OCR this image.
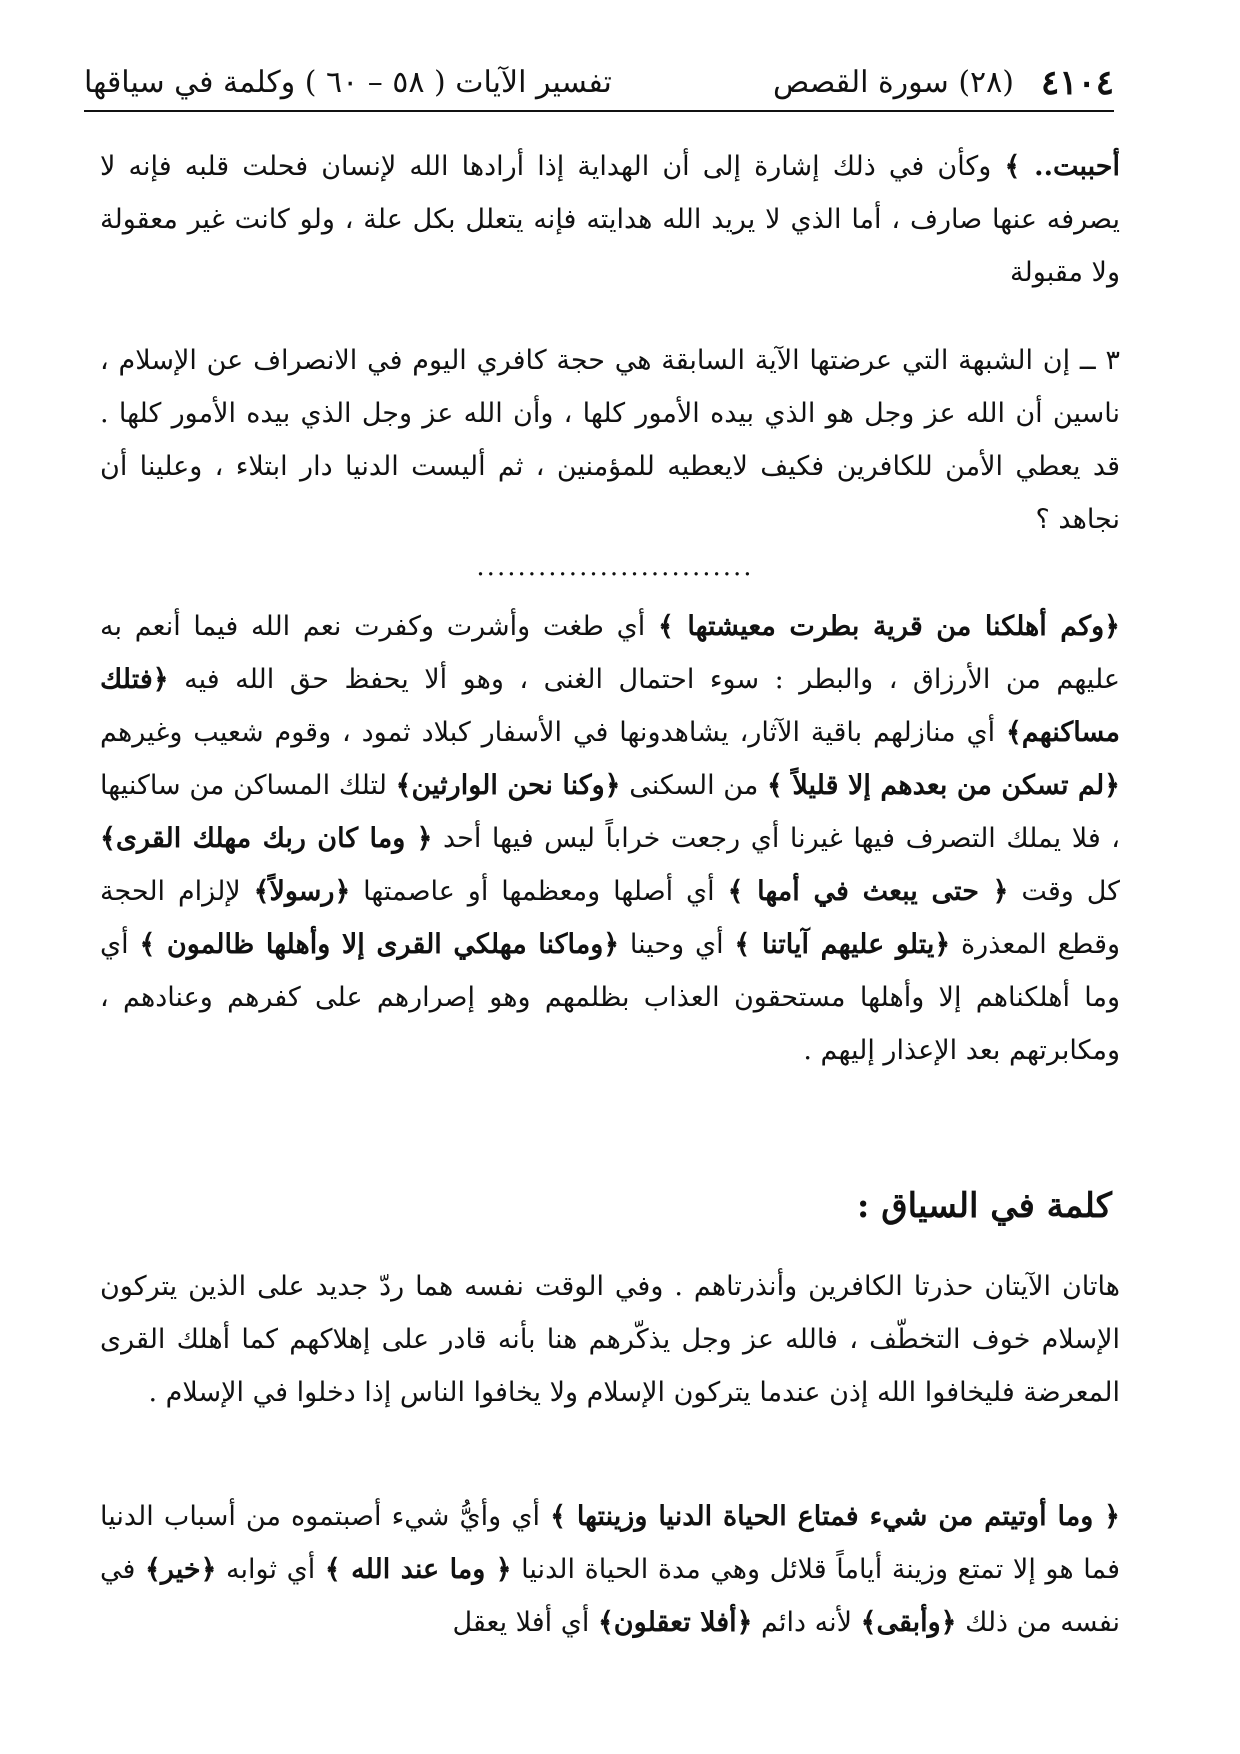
٤١٠٤
(٢٨) سورة القصص
تفسير الآيات ( ٥٨ – ٦٠ ) وكلمة في سياقها
أحببت.. ﴾ وكأن في ذلك إشارة إلى أن الهداية إذا أرادها الله لإنسان فحلت قلبه فإنه لا يصرفه عنها صارف ، أما الذي لا يريد الله هدايته فإنه يتعلل بكل علة ، ولو كانت غير معقولة ولا مقبولة
٣ ــ إن الشبهة التي عرضتها الآية السابقة هي حجة كافري اليوم في الانصراف عن الإسلام ، ناسين أن الله عز وجل هو الذي بيده الأمور كلها ، وأن الله عز وجل الذي بيده الأمور كلها . قد يعطي الأمن للكافرين فكيف لايعطيه للمؤمنين ، ثم أليست الدنيا دار ابتلاء ، وعلينا أن نجاهد ؟
...........................
﴿وكم أهلكنا من قرية بطرت معيشتها ﴾ أي طغت وأشرت وكفرت نعم الله فيما أنعم به عليهم من الأرزاق ، والبطر : سوء احتمال الغنى ، وهو ألا يحفظ حق الله فيه ﴿فتلك مساكنهم﴾ أي منازلهم باقية الآثار، يشاهدونها في الأسفار كبلاد ثمود ، وقوم شعيب وغيرهم ﴿لم تسكن من بعدهم إلا قليلاً ﴾ من السكنى ﴿وكنا نحن الوارثين﴾ لتلك المساكن من ساكنيها ، فلا يملك التصرف فيها غيرنا أي رجعت خراباً ليس فيها أحد ﴿ وما كان ربك مهلك القرى﴾ كل وقت ﴿ حتى يبعث في أمها ﴾ أي أصلها ومعظمها أو عاصمتها ﴿رسولاً﴾ لإلزام الحجة وقطع المعذرة ﴿يتلو عليهم آياتنا ﴾ أي وحينا ﴿وماكنا مهلكي القرى إلا وأهلها ظالمون ﴾ أي وما أهلكناهم إلا وأهلها مستحقون العذاب بظلمهم وهو إصرارهم على كفرهم وعنادهم ، ومكابرتهم بعد الإعذار إليهم .
كلمة في السياق :
هاتان الآيتان حذرتا الكافرين وأنذرتاهم . وفي الوقت نفسه هما ردّ جديد على الذين يتركون الإسلام خوف التخطّف ، فالله عز وجل يذكّرهم هنا بأنه قادر على إهلاكهم كما أهلك القرى المعرضة فليخافوا الله إذن عندما يتركون الإسلام ولا يخافوا الناس إذا دخلوا في الإسلام .
﴿ وما أوتيتم من شيء فمتاع الحياة الدنيا وزينتها ﴾ أي وأيُّ شيء أصبتموه من أسباب الدنيا فما هو إلا تمتع وزينة أياماً قلائل وهي مدة الحياة الدنيا ﴿ وما عند الله ﴾ أي ثوابه ﴿خير﴾ في نفسه من ذلك ﴿وأبقى﴾ لأنه دائم ﴿أفلا تعقلون﴾ أي أفلا يعقل
